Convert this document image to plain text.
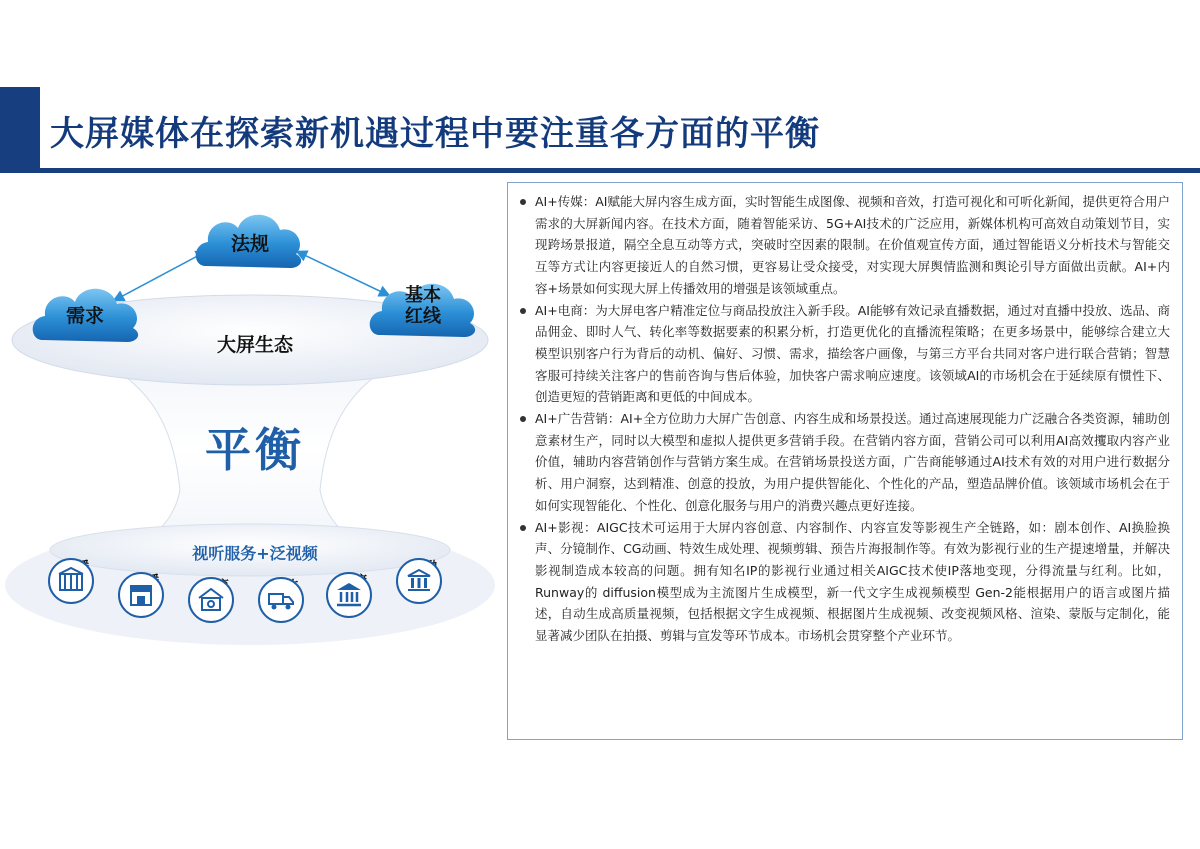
大屏媒体在探索新机遇过程中要注重各方面的平衡
法规
需求
基本
红线
大屏生态
平衡
视听服务+泛视频
AI+传媒：AI赋能大屏内容生成方面，实时智能生成图像、视频和音效，打造可视化和可听化新闻，提供更符合用户需求的大屏新闻内容。在技术方面，随着智能采访、5G+AI技术的广泛应用，新媒体机构可高效自动策划节目，实现跨场景报道，隔空全息互动等方式，突破时空因素的限制。在价值观宣传方面，通过智能语义分析技术与智能交互等方式让内容更接近人的自然习惯，更容易让受众接受，对实现大屏舆情监测和舆论引导方面做出贡献。AI+内容+场景如何实现大屏上传播效用的增强是该领域重点。
AI+电商：为大屏电客户精准定位与商品投放注入新手段。AI能够有效记录直播数据，通过对直播中投放、选品、商品佣金、即时人气、转化率等数据要素的积累分析，打造更优化的直播流程策略；在更多场景中，能够综合建立大模型识别客户行为背后的动机、偏好、习惯、需求，描绘客户画像，与第三方平台共同对客户进行联合营销；智慧客服可持续关注客户的售前咨询与售后体验，加快客户需求响应速度。该领域AI的市场机会在于延续原有惯性下、创造更短的营销距离和更低的中间成本。
AI+广告营销：AI+全方位助力大屏广告创意、内容生成和场景投送。通过高速展现能力广泛融合各类资源，辅助创意素材生产，同时以大模型和虚拟人提供更多营销手段。在营销内容方面，营销公司可以利用AI高效攫取内容产业价值，辅助内容营销创作与营销方案生成。在营销场景投送方面，广告商能够通过AI技术有效的对用户进行数据分析、用户洞察，达到精准、创意的投放，为用户提供智能化、个性化的产品，塑造品牌价值。该领域市场机会在于如何实现智能化、个性化、创意化服务与用户的消费兴趣点更好连接。
AI+影视：AIGC技术可运用于大屏内容创意、内容制作、内容宣发等影视生产全链路，如：剧本创作、AI换脸换声、分镜制作、CG动画、特效生成处理、视频剪辑、预告片海报制作等。有效为影视行业的生产提速增量，并解决影视制造成本较高的问题。拥有知名IP的影视行业通过相关AIGC技术使IP落地变现，分得流量与红利。比如，Runway的 diffusion模型成为主流图片生成模型，新一代文字生成视频模型 Gen-2能根据用户的语言或图片描述，自动生成高质量视频，包括根据文字生成视频、根据图片生成视频、改变视频风格、渲染、蒙版与定制化，能显著减少团队在拍摄、剪辑与宣发等环节成本。市场机会贯穿整个产业环节。
